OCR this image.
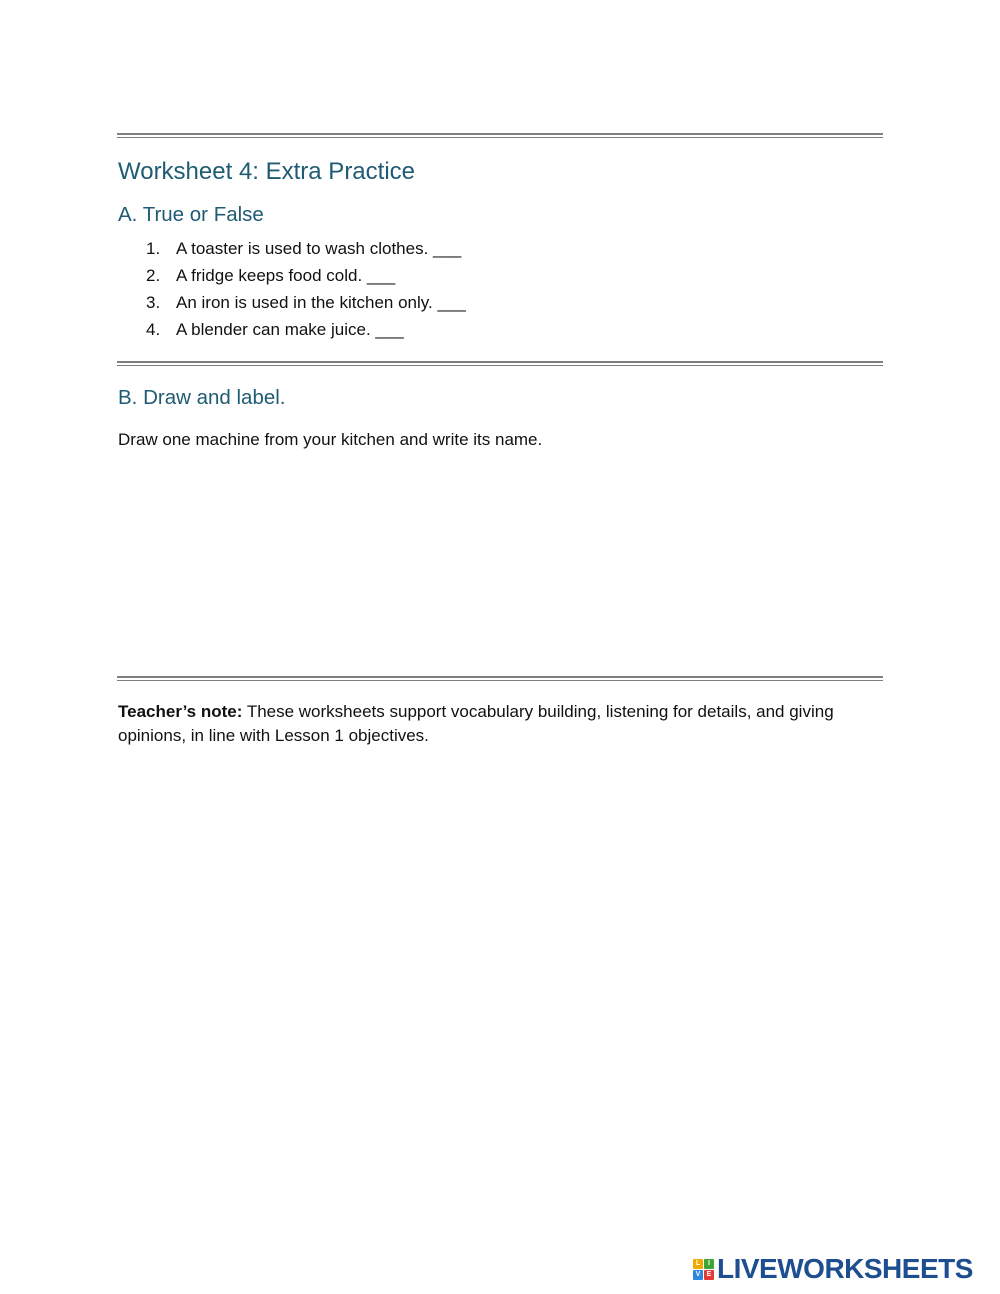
Worksheet 4: Extra Practice
A. True or False
1. A toaster is used to wash clothes. ___
2. A fridge keeps food cold. ___
3. An iron is used in the kitchen only. ___
4. A blender can make juice. ___
B. Draw and label.

Draw one machine from your kitchen and write its name.

Teacher’s note: These worksheets support vocabulary building, listening for details, and giving opinions, in line with Lesson 1 objectives.

L	I
V E LIVEWORKSHEETS
